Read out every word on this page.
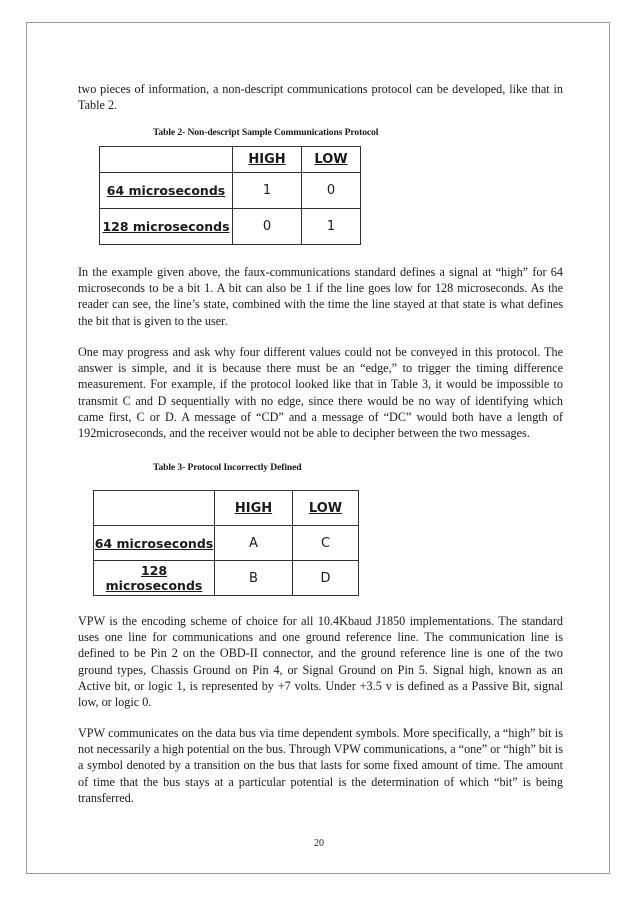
two pieces of information, a non-descript communications protocol can be developed, like that in Table 2.

Table 2- Non-descript Sample Communications Protocol

	HIGH	LOW
64 microseconds	1	0
128 microseconds	0	1

In the example given above, the faux-communications standard defines a signal at “high” for 64 microseconds to be a bit 1. A bit can also be 1 if the line goes low for 128 microseconds. As the reader can see, the line’s state, combined with the time the line stayed at that state is what defines the bit that is given to the user.

One may progress and ask why four different values could not be conveyed in this protocol. The answer is simple, and it is because there must be an “edge,” to trigger the timing difference measurement. For example, if the protocol looked like that in Table 3, it would be impossible to transmit C and D sequentially with no edge, since there would be no way of identifying which came first, C or D. A message of “CD” and a message of “DC” would both have a length of 192microseconds, and the receiver would not be able to decipher between the two messages.

Table 3- Protocol Incorrectly Defined

	HIGH	LOW
64 microseconds	A	C
128 microseconds	B	D

VPW is the encoding scheme of choice for all 10.4Kbaud J1850 implementations. The standard uses one line for communications and one ground reference line. The communication line is defined to be Pin 2 on the OBD-II connector, and the ground reference line is one of the two ground types, Chassis Ground on Pin 4, or Signal Ground on Pin 5. Signal high, known as an Active bit, or logic 1, is represented by +7 volts. Under +3.5 v is defined as a Passive Bit, signal low, or logic 0.

VPW communicates on the data bus via time dependent symbols. More specifically, a “high” bit is not necessarily a high potential on the bus. Through VPW communications, a “one” or “high” bit is a symbol denoted by a transition on the bus that lasts for some fixed amount of time. The amount of time that the bus stays at a particular potential is the determination of which “bit” is being transferred.

20
